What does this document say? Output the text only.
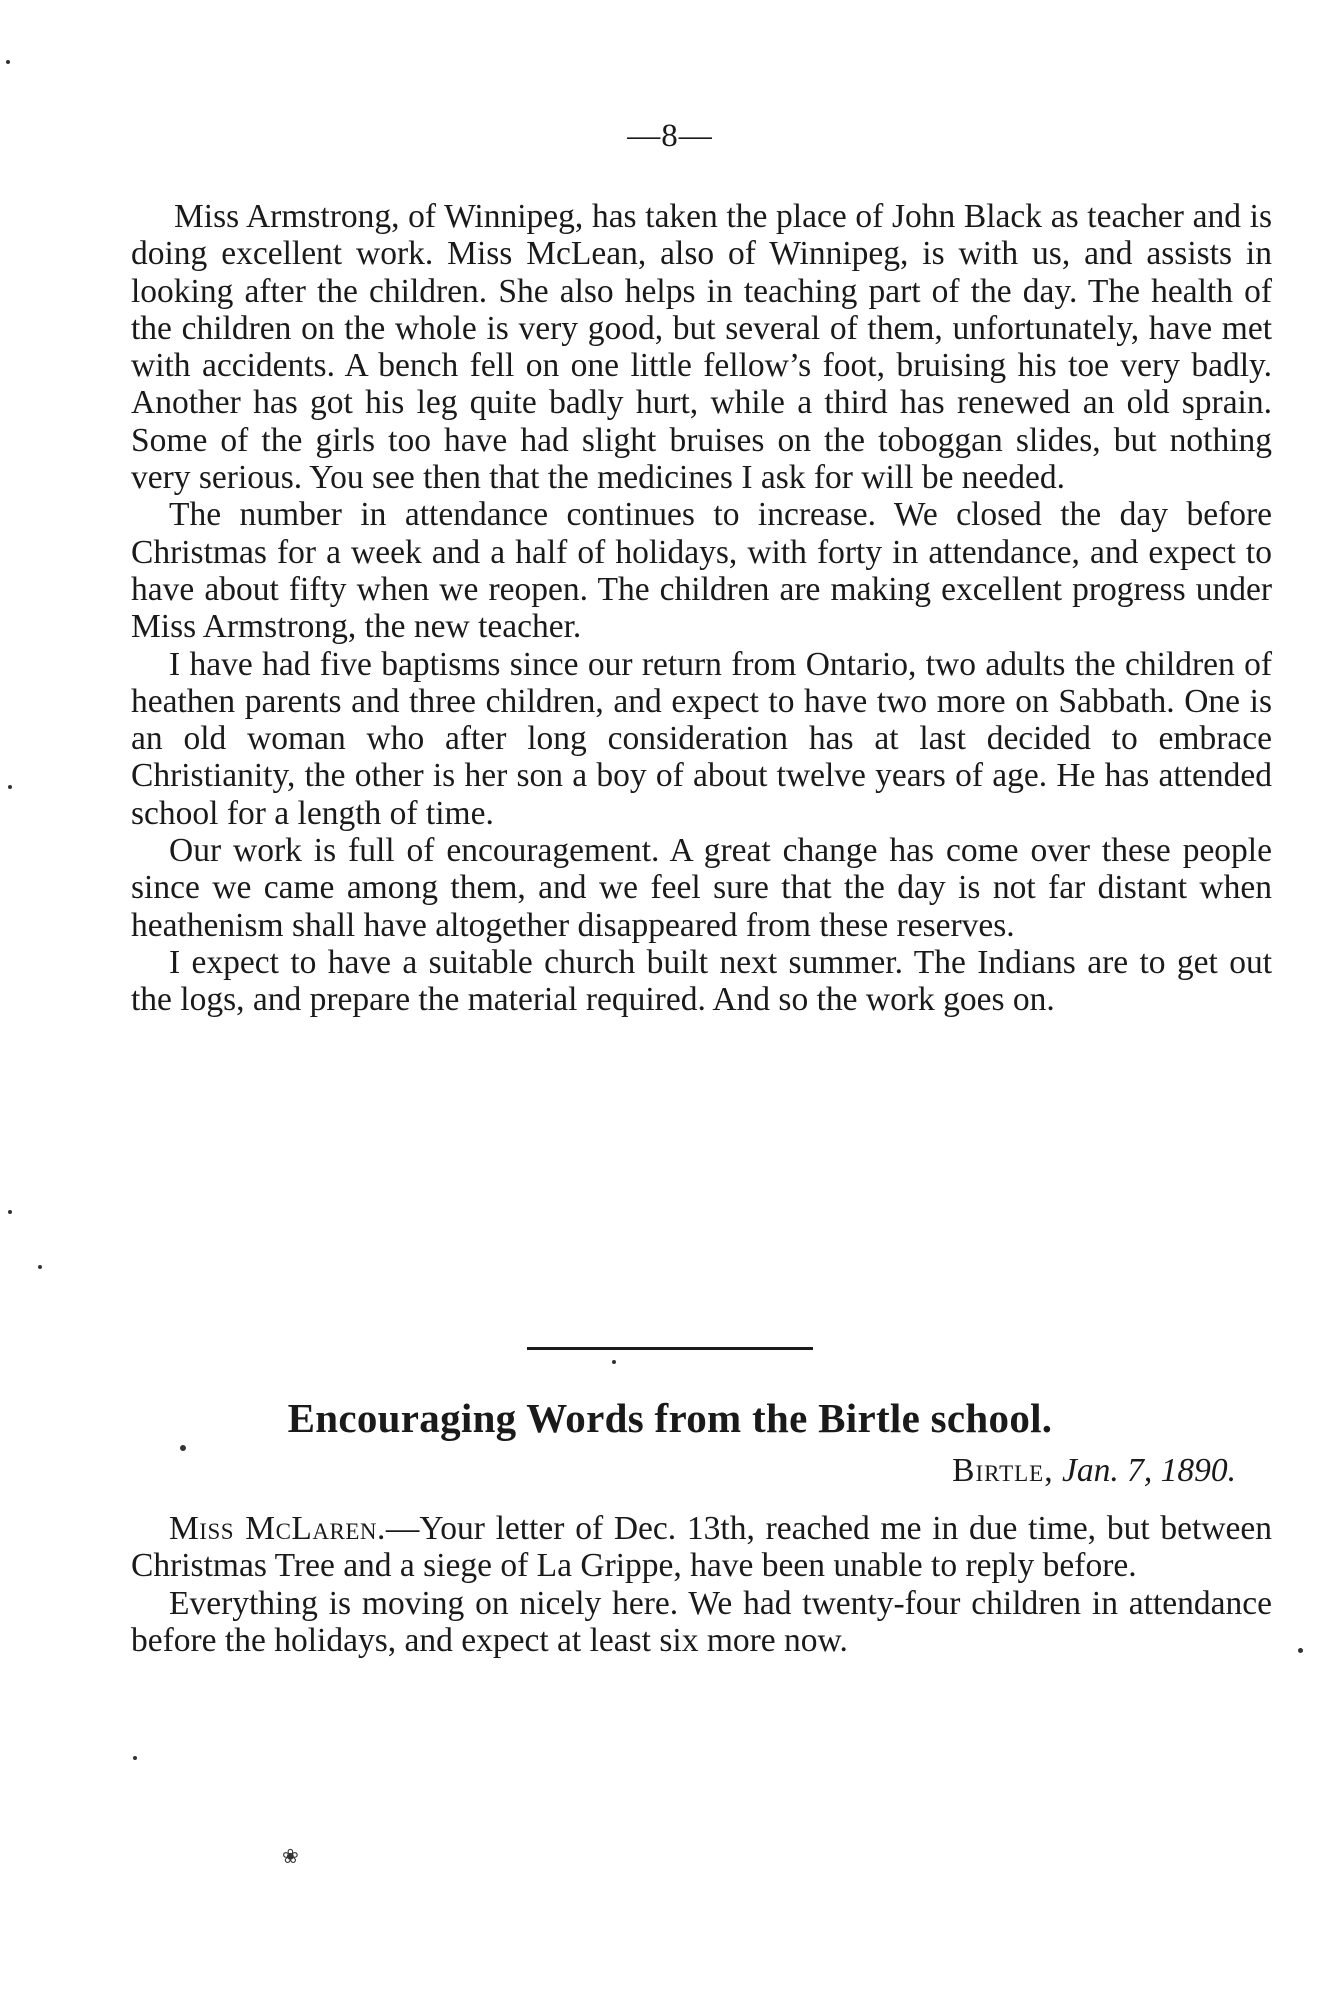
—8—

Miss Armstrong, of Winnipeg, has taken the place of John Black as teacher and is doing excellent work. Miss McLean, also of Winnipeg, is with us, and assists in looking after the children. She also helps in teaching part of the day. The health of the children on the whole is very good, but several of them, unfortunately, have met with accidents. A bench fell on one little fellow’s foot, bruising his toe very badly. Another has got his leg quite badly hurt, while a third has renewed an old sprain. Some of the girls too have had slight bruises on the toboggan slides, but nothing very serious. You see then that the medicines I ask for will be needed.

The number in attendance continues to increase. We closed the day before Christmas for a week and a half of holidays, with forty in attendance, and expect to have about fifty when we reopen. The children are making excellent progress under Miss Armstrong, the new teacher.

I have had five baptisms since our return from Ontario, two adults the children of heathen parents and three children, and expect to have two more on Sabbath. One is an old woman who after long consideration has at last decided to embrace Christianity, the other is her son a boy of about twelve years of age. He has attended school for a length of time.

Our work is full of encouragement. A great change has come over these people since we came among them, and we feel sure that the day is not far distant when heathenism shall have altogether disappeared from these reserves.

I expect to have a suitable church built next summer. The Indians are to get out the logs, and prepare the material required. And so the work goes on.

Encouraging Words from the Birtle school.
Birtle, Jan. 7, 1890.

Miss McLaren.—Your letter of Dec. 13th, reached me in due time, but between Christmas Tree and a siege of La Grippe, have been unable to reply before.

Everything is moving on nicely here. We had twenty-four children in attendance before the holidays, and expect at least six more now.

❀
